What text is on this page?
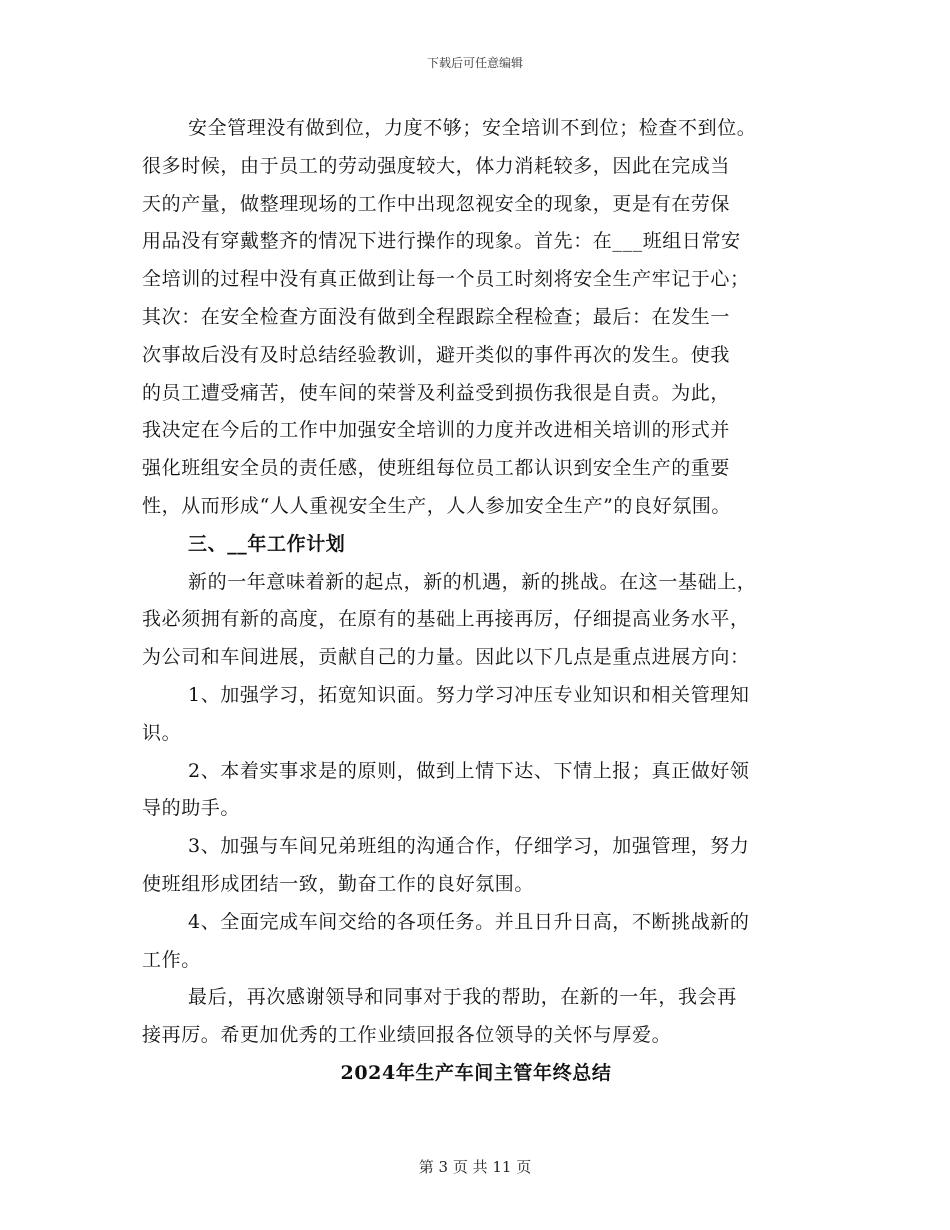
下载后可任意编辑
安全管理没有做到位，力度不够；安全培训不到位；检查不到位。
很多时候，由于员工的劳动强度较大，体力消耗较多，因此在完成当
天的产量，做整理现场的工作中出现忽视安全的现象，更是有在劳保
用品没有穿戴整齐的情况下进行操作的现象。首先：在___班组日常安
全培训的过程中没有真正做到让每一个员工时刻将安全生产牢记于心；
其次：在安全检查方面没有做到全程跟踪全程检查；最后：在发生一
次事故后没有及时总结经验教训，避开类似的事件再次的发生。使我
的员工遭受痛苦，使车间的荣誉及利益受到损伤我很是自责。为此，
我决定在今后的工作中加强安全培训的力度并改进相关培训的形式并
强化班组安全员的责任感，使班组每位员工都认识到安全生产的重要
性，从而形成“人人重视安全生产，人人参加安全生产”的良好氛围。
三、__年工作计划
新的一年意味着新的起点，新的机遇，新的挑战。在这一基础上，
我必须拥有新的高度，在原有的基础上再接再厉，仔细提高业务水平，
为公司和车间进展，贡献自己的力量。因此以下几点是重点进展方向：
1、加强学习，拓宽知识面。努力学习冲压专业知识和相关管理知
识。
2、本着实事求是的原则，做到上情下达、下情上报；真正做好领
导的助手。
3、加强与车间兄弟班组的沟通合作，仔细学习，加强管理，努力
使班组形成团结一致，勤奋工作的良好氛围。
4、全面完成车间交给的各项任务。并且日升日高，不断挑战新的
工作。
最后，再次感谢领导和同事对于我的帮助，在新的一年，我会再
接再厉。希更加优秀的工作业绩回报各位领导的关怀与厚爱。
2024年生产车间主管年终总结
第 3 页 共 11 页
